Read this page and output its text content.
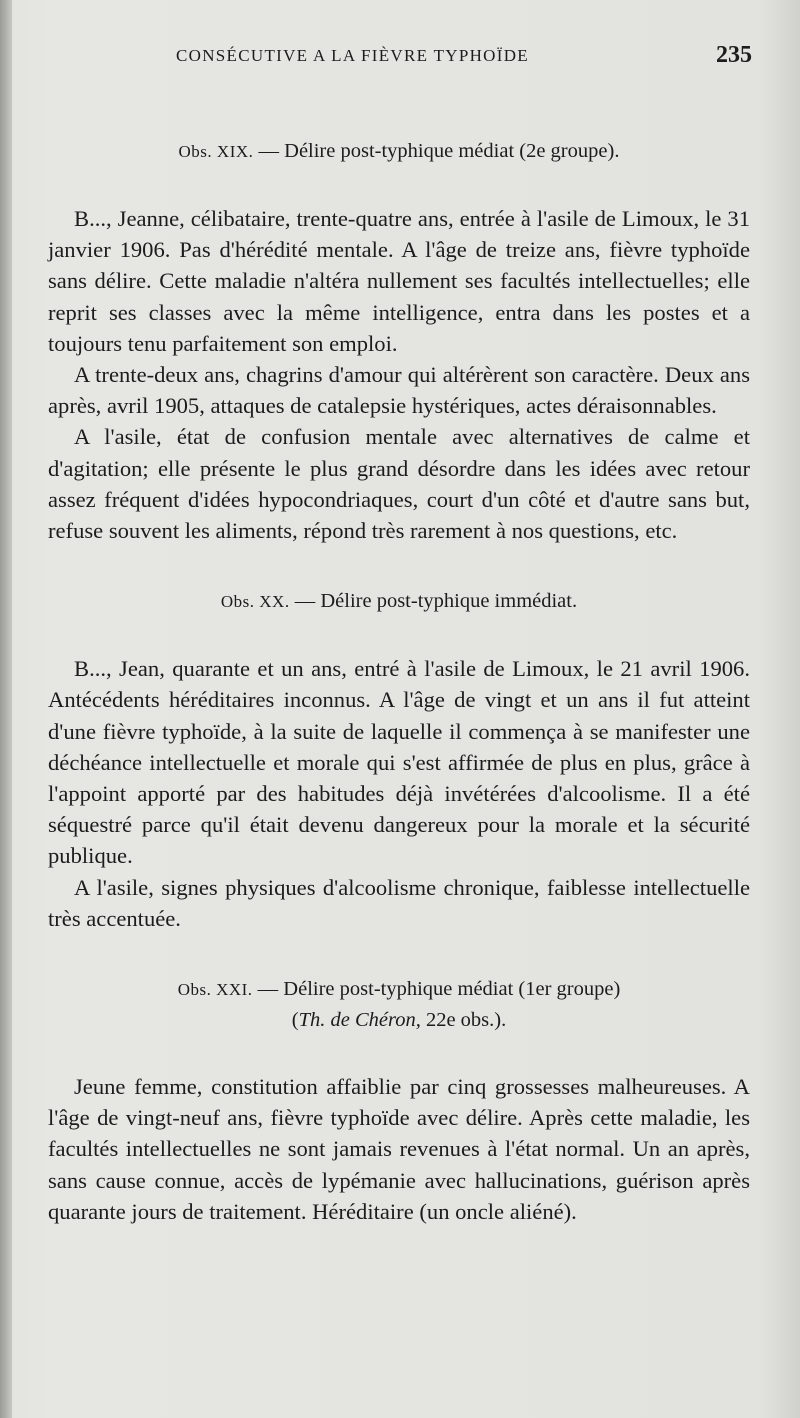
CONSÉCUTIVE A LA FIÈVRE TYPHOÏDE	235

Obs. XIX. — Délire post-typhique médiat (2e groupe).

B..., Jeanne, célibataire, trente-quatre ans, entrée à l'asile de Limoux, le 31 janvier 1906. Pas d'hérédité mentale. A l'âge de treize ans, fièvre typhoïde sans délire. Cette maladie n'altéra nullement ses facultés intellectuelles; elle reprit ses classes avec la même intelligence, entra dans les postes et a toujours tenu parfaitement son emploi.

A trente-deux ans, chagrins d'amour qui altérèrent son caractère. Deux ans après, avril 1905, attaques de catalepsie hystériques, actes déraisonnables.

A l'asile, état de confusion mentale avec alternatives de calme et d'agitation; elle présente le plus grand désordre dans les idées avec retour assez fréquent d'idées hypocondriaques, court d'un côté et d'autre sans but, refuse souvent les aliments, répond très rarement à nos questions, etc.

Obs. XX. — Délire post-typhique immédiat.

B..., Jean, quarante et un ans, entré à l'asile de Limoux, le 21 avril 1906. Antécédents héréditaires inconnus. A l'âge de vingt et un ans il fut atteint d'une fièvre typhoïde, à la suite de laquelle il commença à se manifester une déchéance intellectuelle et morale qui s'est affirmée de plus en plus, grâce à l'appoint apporté par des habitudes déjà invétérées d'alcoolisme. Il a été séquestré parce qu'il était devenu dangereux pour la morale et la sécurité publique.

A l'asile, signes physiques d'alcoolisme chronique, faiblesse intellectuelle très accentuée.

Obs. XXI. — Délire post-typhique médiat (1er groupe)

(Th. de Chéron, 22e obs.).

Jeune femme, constitution affaiblie par cinq grossesses malheureuses. A l'âge de vingt-neuf ans, fièvre typhoïde avec délire. Après cette maladie, les facultés intellectuelles ne sont jamais revenues à l'état normal. Un an après, sans cause connue, accès de lypémanie avec hallucinations, guérison après quarante jours de traitement. Héréditaire (un oncle aliéné).
